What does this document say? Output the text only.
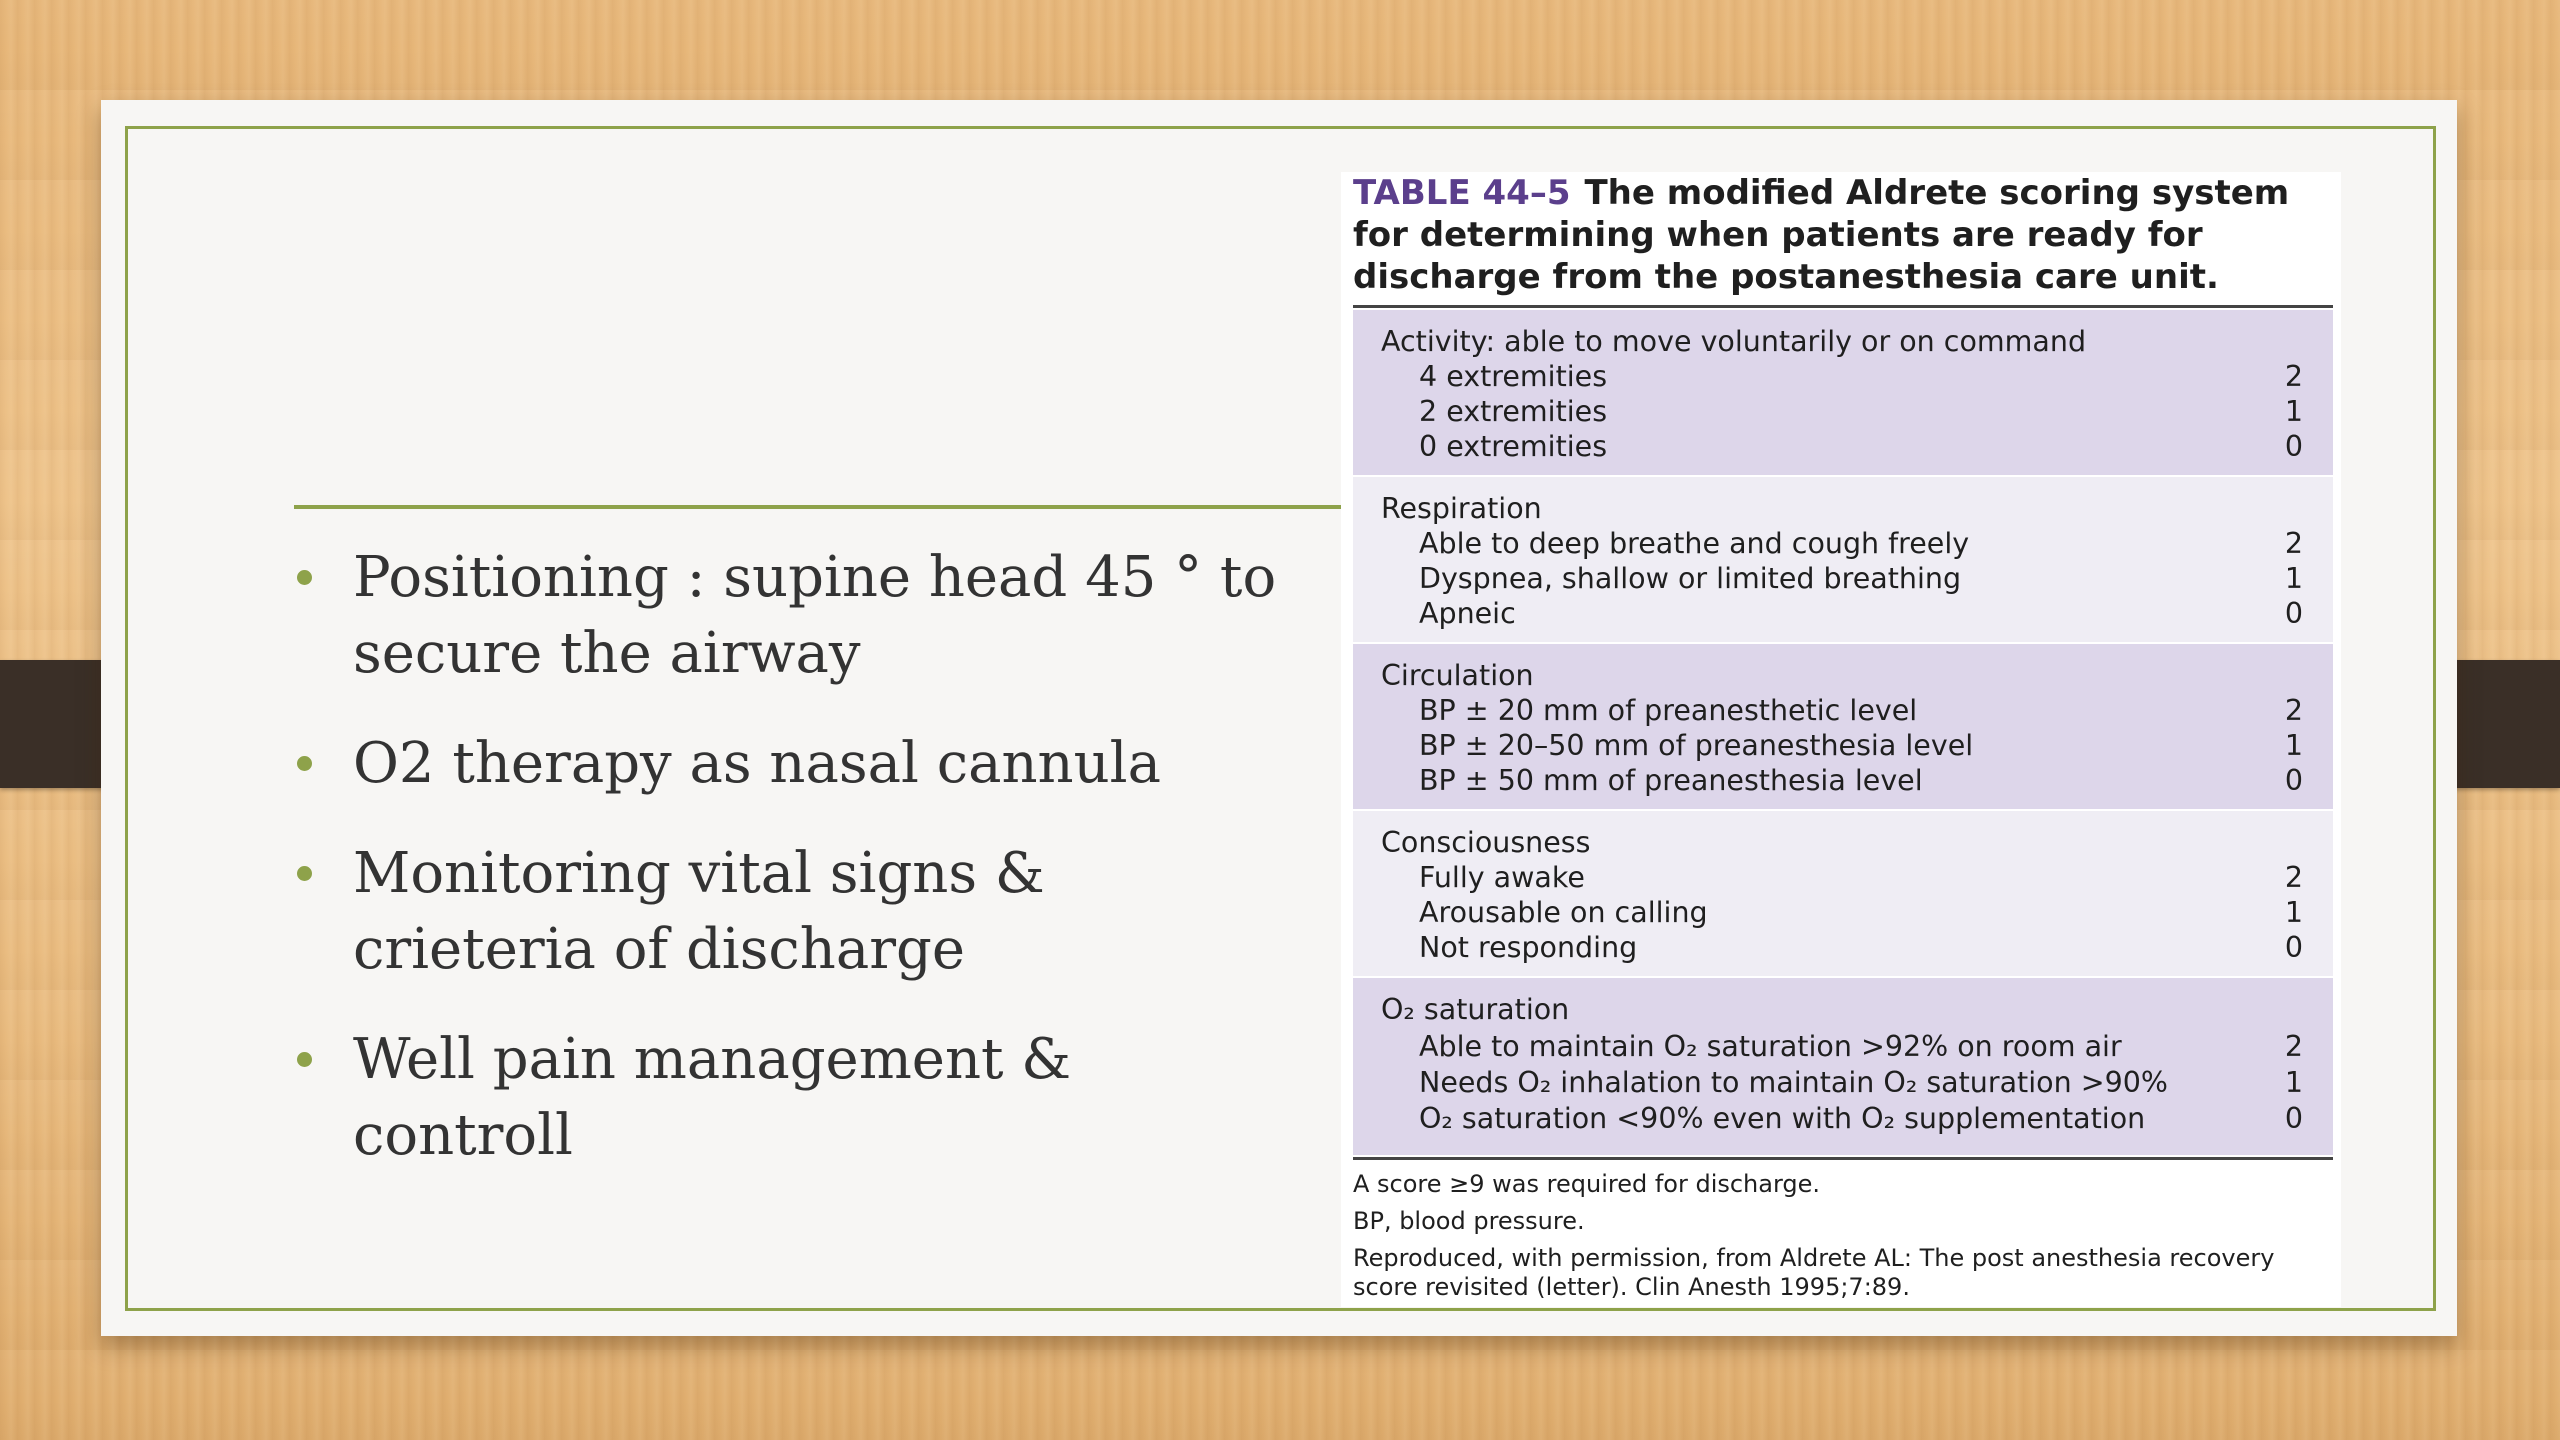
Positioning : supine head 45 ° to secure the airway
O2 therapy as nasal cannula
Monitoring vital signs & crieteria of discharge
Well pain management & controll
TABLE 44–5 The modified Aldrete scoring system for determining when patients are ready for discharge from the postanesthesia care unit.
Activity: able to move voluntarily or on command
4 extremities	2
2 extremities	1
0 extremities	0
Respiration
Able to deep breathe and cough freely	2
Dyspnea, shallow or limited breathing	1
Apneic	0
Circulation
BP ± 20 mm of preanesthetic level	2
BP ± 20–50 mm of preanesthesia level	1
BP ± 50 mm of preanesthesia level	0
Consciousness
Fully awake	2
Arousable on calling	1
Not responding	0
O₂ saturation
Able to maintain O₂ saturation >92% on room air	2
Needs O₂ inhalation to maintain O₂ saturation >90%	1
O₂ saturation <90% even with O₂ supplementation	0
A score ≥9 was required for discharge.
BP, blood pressure.
Reproduced, with permission, from Aldrete AL: The post anesthesia recovery score revisited (letter). Clin Anesth 1995;7:89.
